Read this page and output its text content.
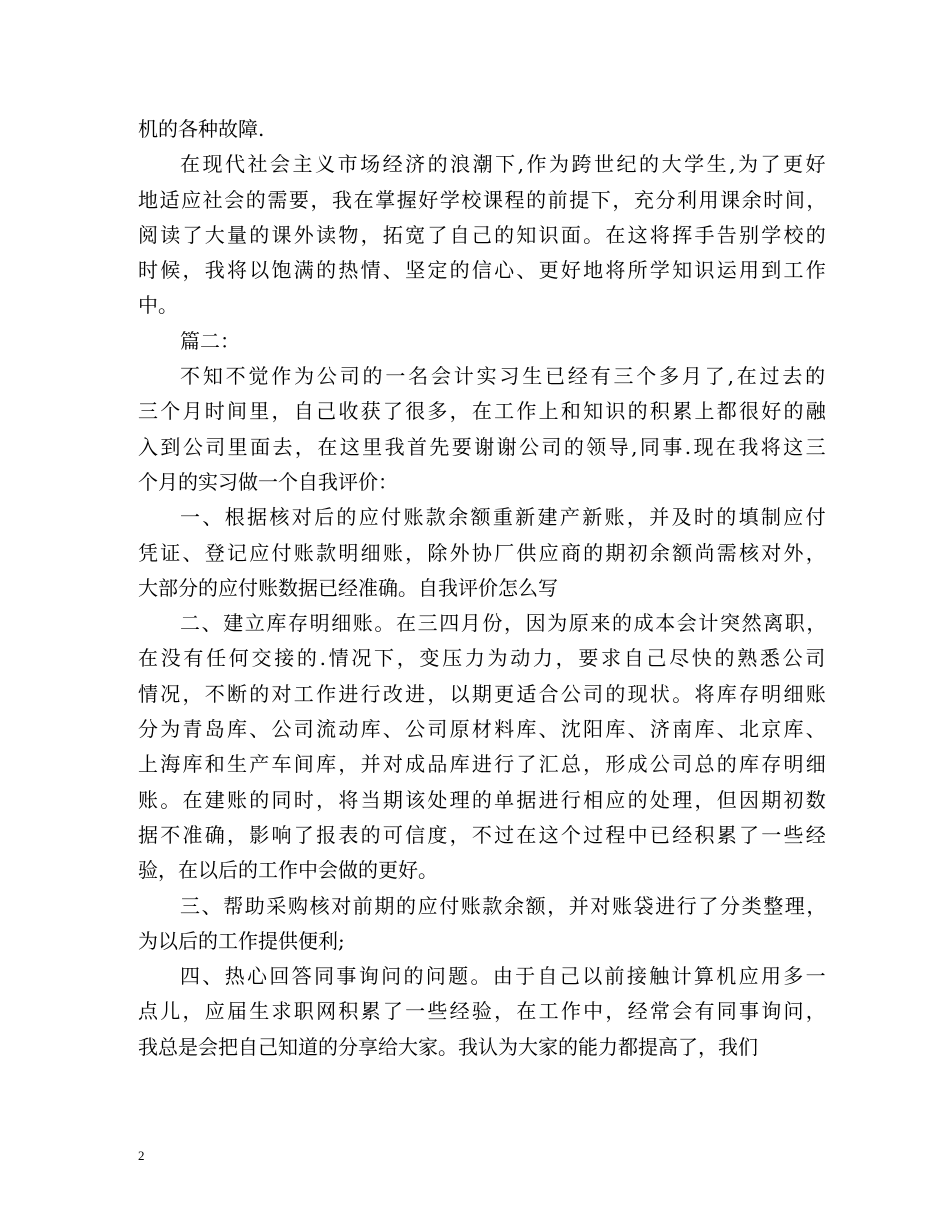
机的各种故障.
在现代社会主义市场经济的浪潮下,作为跨世纪的大学生,为了更好
地适应社会的需要，我在掌握好学校课程的前提下，充分利用课余时间，
阅读了大量的课外读物，拓宽了自己的知识面。在这将挥手告别学校的
时候，我将以饱满的热情、坚定的信心、更好地将所学知识运用到工作
中。
篇二：
不知不觉作为公司的一名会计实习生已经有三个多月了,在过去的
三个月时间里，自己收获了很多，在工作上和知识的积累上都很好的融
入到公司里面去，在这里我首先要谢谢公司的领导,同事.现在我将这三
个月的实习做一个自我评价：
一、根据核对后的应付账款余额重新建产新账，并及时的填制应付
凭证、登记应付账款明细账，除外协厂供应商的期初余额尚需核对外，
大部分的应付账数据已经准确。自我评价怎么写
二、建立库存明细账。在三四月份，因为原来的成本会计突然离职，
在没有任何交接的.情况下，变压力为动力，要求自己尽快的熟悉公司
情况，不断的对工作进行改进，以期更适合公司的现状。将库存明细账
分为青岛库、公司流动库、公司原材料库、沈阳库、济南库、北京库、
上海库和生产车间库，并对成品库进行了汇总，形成公司总的库存明细
账。在建账的同时，将当期该处理的单据进行相应的处理，但因期初数
据不准确，影响了报表的可信度，不过在这个过程中已经积累了一些经
验，在以后的工作中会做的更好。
三、帮助采购核对前期的应付账款余额，并对账袋进行了分类整理，
为以后的工作提供便利;
四、热心回答同事询问的问题。由于自己以前接触计算机应用多一
点儿，应届生求职网积累了一些经验，在工作中，经常会有同事询问，
我总是会把自己知道的分享给大家。我认为大家的能力都提高了，我们
2
